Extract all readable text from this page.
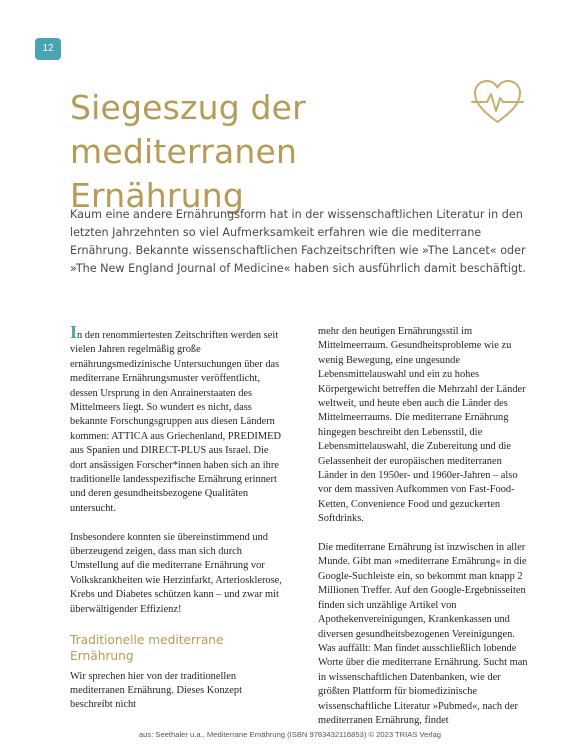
12
Siegeszug der mediterranen Ernährung

Kaum eine andere Ernährungsform hat in der wissenschaftlichen Literatur in den letzten Jahrzehnten so viel Aufmerksamkeit erfahren wie die mediterrane Ernährung. Bekannte wissenschaftlichen Fachzeitschriften wie »The Lancet« oder »The New England Journal of Medicine« haben sich ausführlich damit beschäftigt.

In den renommiertesten Zeitschriften werden seit vielen Jahren regelmäßig große ernährungsmedizinische Untersuchungen über das mediterrane Ernährungsmuster veröffentlicht, dessen Ursprung in den Anrainerstaaten des Mittelmeers liegt. So wundert es nicht, dass bekannte Forschungsgruppen aus diesen Ländern kommen: ATTICA aus Griechenland, PREDIMED aus Spanien und DIRECT-PLUS aus Israel. Die dort ansässigen Forscher*innen haben sich an ihre traditionelle landesspezifische Ernährung erinnert und deren gesundheitsbezogene Qualitäten untersucht.

Insbesondere konnten sie übereinstimmend und überzeugend zeigen, dass man sich durch Umstellung auf die mediterrane Ernährung vor Volkskrankheiten wie Herzinfarkt, Arteriosklerose, Krebs und Diabetes schützen kann – und zwar mit überwältigender Effizienz!

Traditionelle mediterrane Ernährung

Wir sprechen hier von der traditionellen mediterranen Ernährung. Dieses Konzept beschreibt nicht

mehr den heutigen Ernährungsstil im Mittelmeerraum. Gesundheitsprobleme wie zu wenig Bewegung, eine ungesunde Lebensmittelauswahl und ein zu hohes Körpergewicht betreffen die Mehrzahl der Länder weltweit, und heute eben auch die Länder des Mittelmeerraums. Die mediterrane Ernährung hingegen beschreibt den Lebensstil, die Lebensmittelauswahl, die Zubereitung und die Gelassenheit der europäischen mediterranen Länder in den 1950er- und 1960er-Jahren – also vor dem massiven Aufkommen von Fast-Food-Ketten, Convenience Food und gezuckerten Softdrinks.

Die mediterrane Ernährung ist inzwischen in aller Munde. Gibt man »mediterrane Ernährung« in die Google-Suchleiste ein, so bekommt man knapp 2 Millionen Treffer. Auf den Google-Ergebnisseiten finden sich unzählige Artikel von Apothekenvereinigungen, Krankenkassen und diversen gesundheitsbezogenen Vereinigungen. Was auffällt: Man findet ausschließlich lobende Worte über die mediterrane Ernährung. Sucht man in wissenschaftlichen Datenbanken, wie der größten Plattform für biomedizinische wissenschaftliche Literatur »Pubmed«, nach der mediterranen Ernährung, findet

aus: Seethaler u.a., Mediterrane Ernährung (ISBN 9783432116853) © 2023 TRIAS Verlag
